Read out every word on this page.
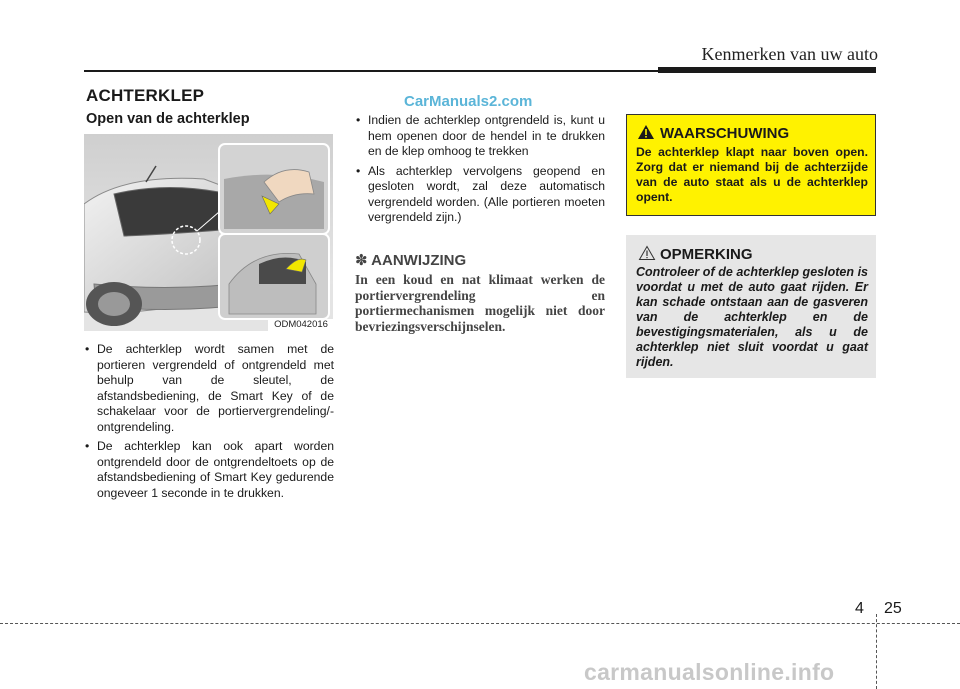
Kenmerken van uw auto
ACHTERKLEP	CarManuals2.com
Open van de achterklep
ODM042016
• De achterklep wordt samen met de portieren vergrendeld of ontgrendeld met behulp van de sleutel, de afstandsbediening, de Smart Key of de schakelaar voor de portiervergrendeling/-ontgrendeling.
• De achterklep kan ook apart worden ontgrendeld door de ontgrendeltoets op de afstandsbediening of Smart Key gedurende ongeveer 1 seconde in te drukken.
• Indien de achterklep ontgrendeld is, kunt u hem openen door de hendel in te drukken en de klep omhoog te trekken
• Als achterklep vervolgens geopend en gesloten wordt, zal deze automatisch vergrendeld worden. (Alle portieren moeten vergrendeld zijn.)
✽ AANWIJZING
In een koud en nat klimaat werken de portiervergrendeling en portiermechanismen mogelijk niet door bevriezingsverschijnselen.
WAARSCHUWING
De achterklep klapt naar boven open. Zorg dat er niemand bij de achterzijde van de auto staat als u de achterklep opent.
OPMERKING
Controleer of de achterklep gesloten is voordat u met de auto gaat rijden. Er kan schade ontstaan aan de gasveren van de achterklep en de bevestigingsmaterialen, als u de achterklep niet sluit voordat u gaat rijden.
4 25
carmanualsonline.info
